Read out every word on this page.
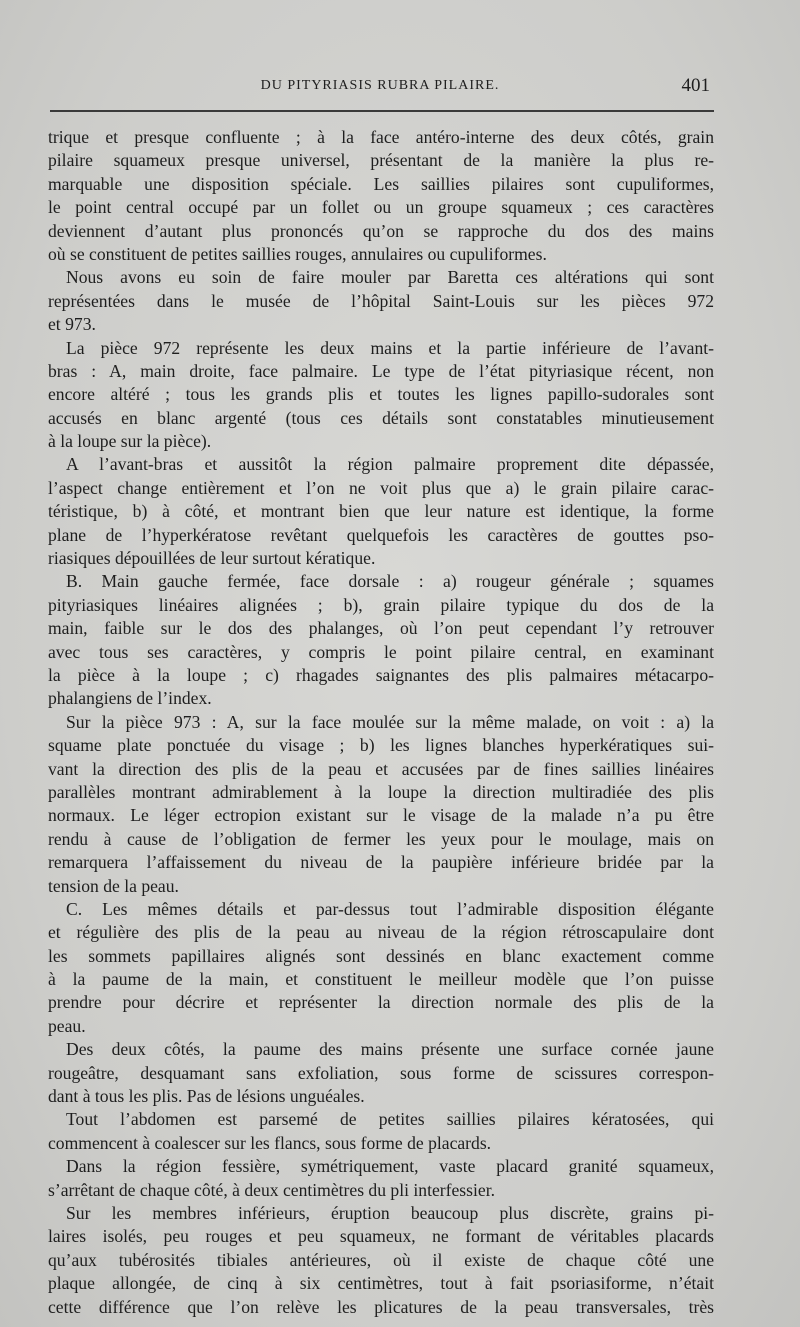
DU PITYRIASIS RUBRA PILAIRE.	401
trique et presque confluente ; à la face antéro-interne des deux côtés, grain
pilaire squameux presque universel, présentant de la manière la plus re-
marquable une disposition spéciale. Les saillies pilaires sont cupuliformes,
le point central occupé par un follet ou un groupe squameux ; ces caractères
deviennent d’autant plus prononcés qu’on se rapproche du dos des mains
où se constituent de petites saillies rouges, annulaires ou cupuliformes.
Nous avons eu soin de faire mouler par Baretta ces altérations qui sont
représentées dans le musée de l’hôpital Saint-Louis sur les pièces 972
et 973.
La pièce 972 représente les deux mains et la partie inférieure de l’avant-
bras : A, main droite, face palmaire. Le type de l’état pityriasique récent, non
encore altéré ; tous les grands plis et toutes les lignes papillo-sudorales sont
accusés en blanc argenté (tous ces détails sont constatables minutieusement
à la loupe sur la pièce).
A l’avant-bras et aussitôt la région palmaire proprement dite dépassée,
l’aspect change entièrement et l’on ne voit plus que a) le grain pilaire carac-
téristique, b) à côté, et montrant bien que leur nature est identique, la forme
plane de l’hyperkératose revêtant quelquefois les caractères de gouttes pso-
riasiques dépouillées de leur surtout kératique.
B. Main gauche fermée, face dorsale : a) rougeur générale ; squames
pityriasiques linéaires alignées ; b), grain pilaire typique du dos de la
main, faible sur le dos des phalanges, où l’on peut cependant l’y retrouver
avec tous ses caractères, y compris le point pilaire central, en examinant
la pièce à la loupe ; c) rhagades saignantes des plis palmaires métacarpo-
phalangiens de l’index.
Sur la pièce 973 : A, sur la face moulée sur la même malade, on voit : a) la
squame plate ponctuée du visage ; b) les lignes blanches hyperkératiques sui-
vant la direction des plis de la peau et accusées par de fines saillies linéaires
parallèles montrant admirablement à la loupe la direction multiradiée des plis
normaux. Le léger ectropion existant sur le visage de la malade n’a pu être
rendu à cause de l’obligation de fermer les yeux pour le moulage, mais on
remarquera l’affaissement du niveau de la paupière inférieure bridée par la
tension de la peau.
C. Les mêmes détails et par-dessus tout l’admirable disposition élégante
et régulière des plis de la peau au niveau de la région rétroscapulaire dont
les sommets papillaires alignés sont dessinés en blanc exactement comme
à la paume de la main, et constituent le meilleur modèle que l’on puisse
prendre pour décrire et représenter la direction normale des plis de la
peau.
Des deux côtés, la paume des mains présente une surface cornée jaune
rougeâtre, desquamant sans exfoliation, sous forme de scissures correspon-
dant à tous les plis. Pas de lésions unguéales.
Tout l’abdomen est parsemé de petites saillies pilaires kératosées, qui
commencent à coalescer sur les flancs, sous forme de placards.
Dans la région fessière, symétriquement, vaste placard granité squameux,
s’arrêtant de chaque côté, à deux centimètres du pli interfessier.
Sur les membres inférieurs, éruption beaucoup plus discrète, grains pi-
laires isolés, peu rouges et peu squameux, ne formant de véritables placards
qu’aux tubérosités tibiales antérieures, où il existe de chaque côté une
plaque allongée, de cinq à six centimètres, tout à fait psoriasiforme, n’était
cette différence que l’on relève les plicatures de la peau transversales, très
